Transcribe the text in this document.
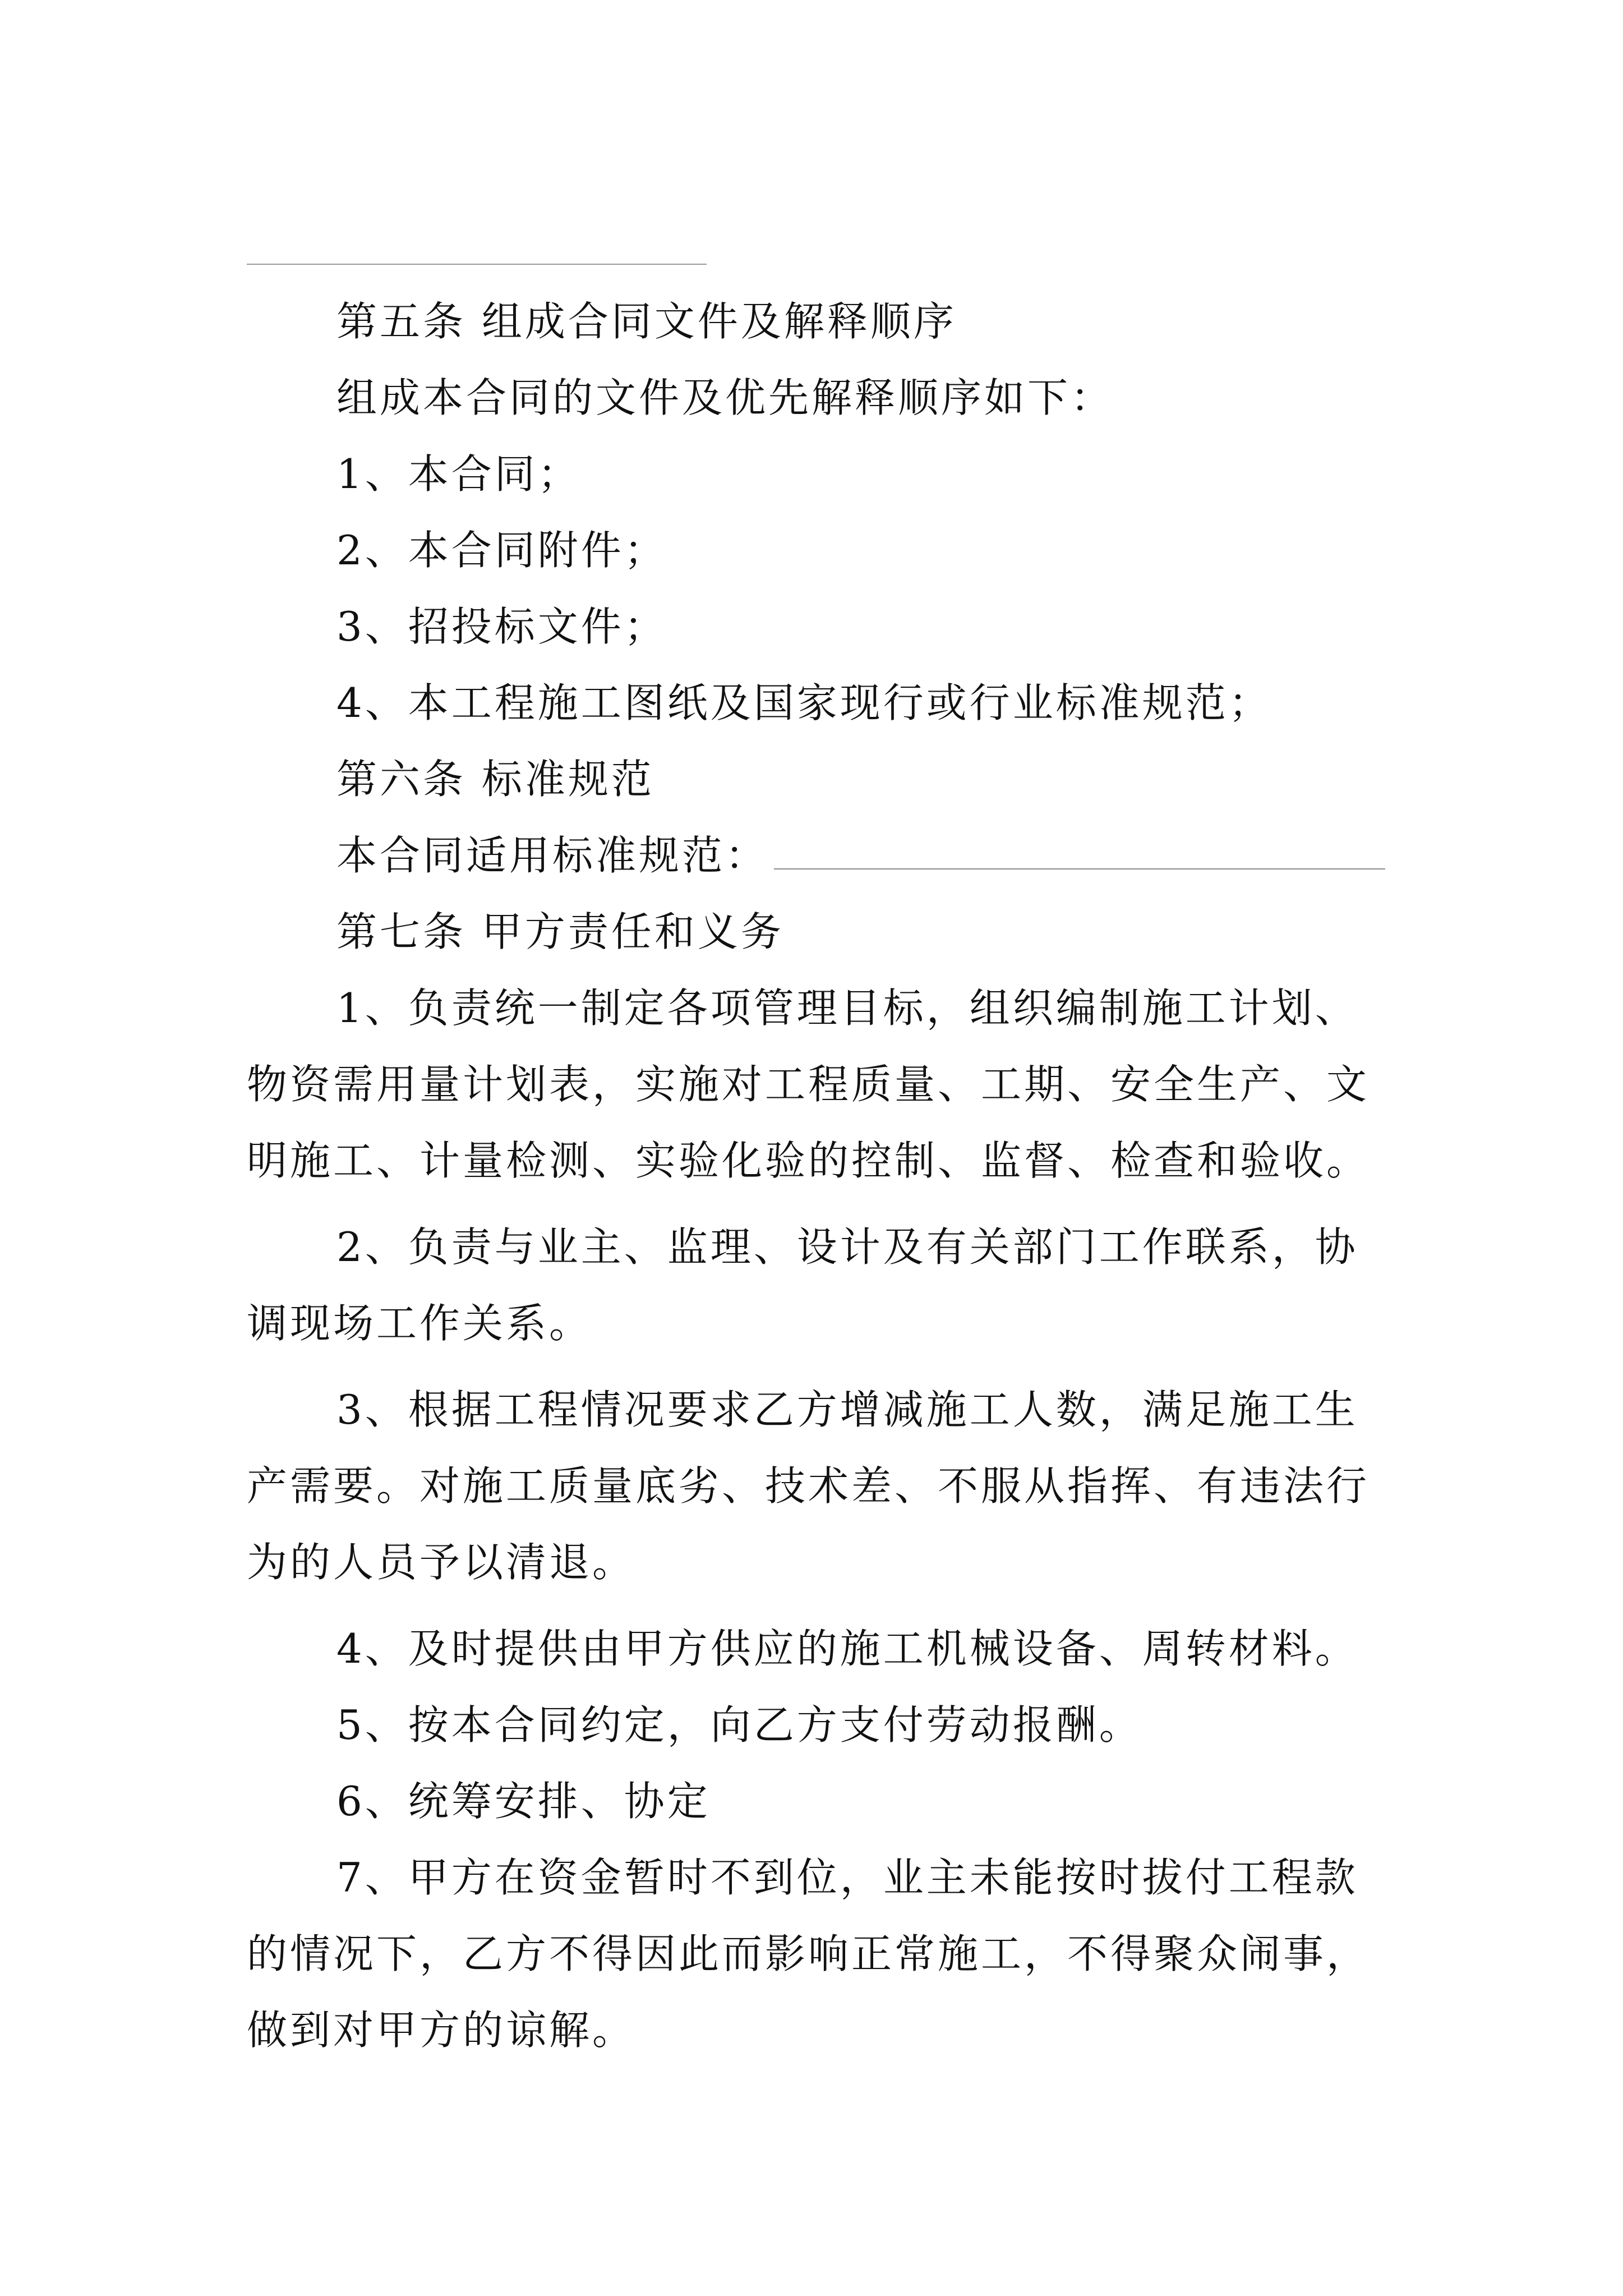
第五条 组成合同文件及解释顺序
组成本合同的文件及优先解释顺序如下：
1、本合同；
2、本合同附件；
3、招投标文件；
4、本工程施工图纸及国家现行或行业标准规范；
第六条 标准规范
本合同适用标准规范：
第七条 甲方责任和义务
1、负责统一制定各项管理目标，组织编制施工计划、
物资需用量计划表，实施对工程质量、工期、安全生产、文
明施工、计量检测、实验化验的控制、监督、检查和验收。
2、负责与业主、监理、设计及有关部门工作联系，协
调现场工作关系。
3、根据工程情况要求乙方增减施工人数，满足施工生
产需要。对施工质量底劣、技术差、不服从指挥、有违法行
为的人员予以清退。
4、及时提供由甲方供应的施工机械设备、周转材料。
5、按本合同约定，向乙方支付劳动报酬。
6、统筹安排、协定
7、甲方在资金暂时不到位，业主未能按时拔付工程款
的情况下，乙方不得因此而影响正常施工，不得聚众闹事，
做到对甲方的谅解。
